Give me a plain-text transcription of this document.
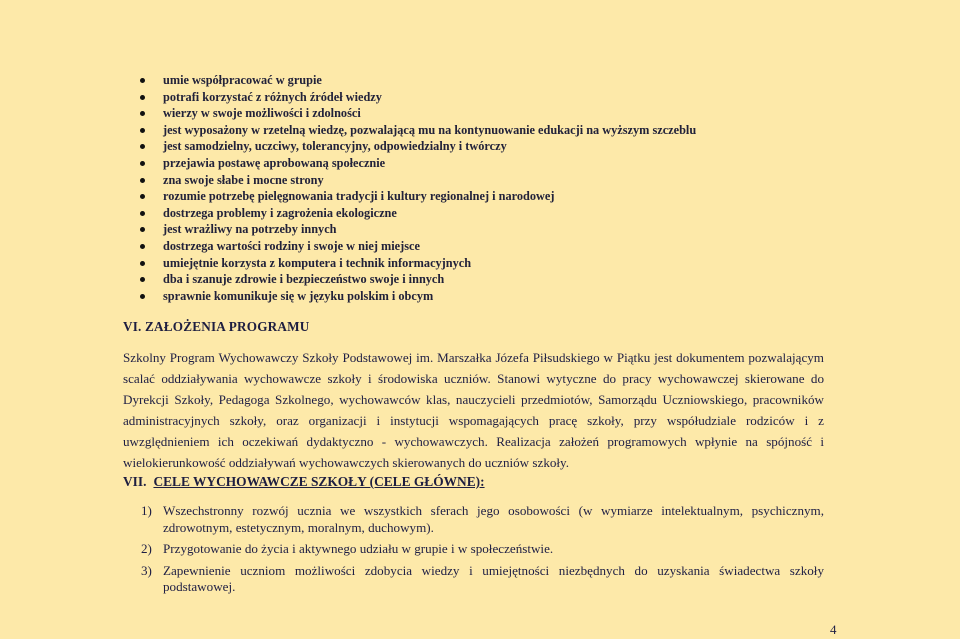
umie współpracować w grupie
potrafi korzystać z różnych źródeł wiedzy
wierzy w swoje możliwości i zdolności
jest wyposażony w rzetelną wiedzę, pozwalającą mu na kontynuowanie edukacji na wyższym szczeblu
jest samodzielny, uczciwy, tolerancyjny, odpowiedzialny i twórczy
przejawia postawę aprobowaną społecznie
zna swoje słabe i mocne strony
rozumie potrzebę pielęgnowania tradycji i kultury regionalnej i narodowej
dostrzega problemy i zagrożenia ekologiczne
jest wrażliwy na potrzeby innych
dostrzega wartości rodziny i swoje w niej miejsce
umiejętnie korzysta z komputera i technik informacyjnych
dba i szanuje zdrowie i bezpieczeństwo swoje i innych
sprawnie komunikuje się w języku polskim i obcym
VI. ZAŁOŻENIA PROGRAMU
Szkolny Program Wychowawczy Szkoły Podstawowej im. Marszałka Józefa Piłsudskiego w Piątku jest dokumentem pozwalającym scalać oddziaływania wychowawcze szkoły i środowiska uczniów. Stanowi wytyczne do pracy wychowawczej skierowane do Dyrekcji Szkoły, Pedagoga Szkolnego, wychowawców klas, nauczycieli przedmiotów, Samorządu Uczniowskiego, pracowników administracyjnych szkoły, oraz organizacji i instytucji wspomagających pracę szkoły, przy współudziale rodziców i z uwzględnieniem ich oczekiwań dydaktyczno - wychowawczych. Realizacja założeń programowych wpłynie na spójność i wielokierunkowość oddziaływań wychowawczych skierowanych do uczniów szkoły.
VII. CELE WYCHOWAWCZE SZKOŁY (CELE GŁÓWNE):
1) Wszechstronny rozwój ucznia we wszystkich sferach jego osobowości (w wymiarze intelektualnym, psychicznym, zdrowotnym, estetycznym, moralnym, duchowym).
2) Przygotowanie do życia i aktywnego udziału w grupie i w społeczeństwie.
3) Zapewnienie uczniom możliwości zdobycia wiedzy i umiejętności niezbędnych do uzyskania świadectwa szkoły podstawowej.
4
